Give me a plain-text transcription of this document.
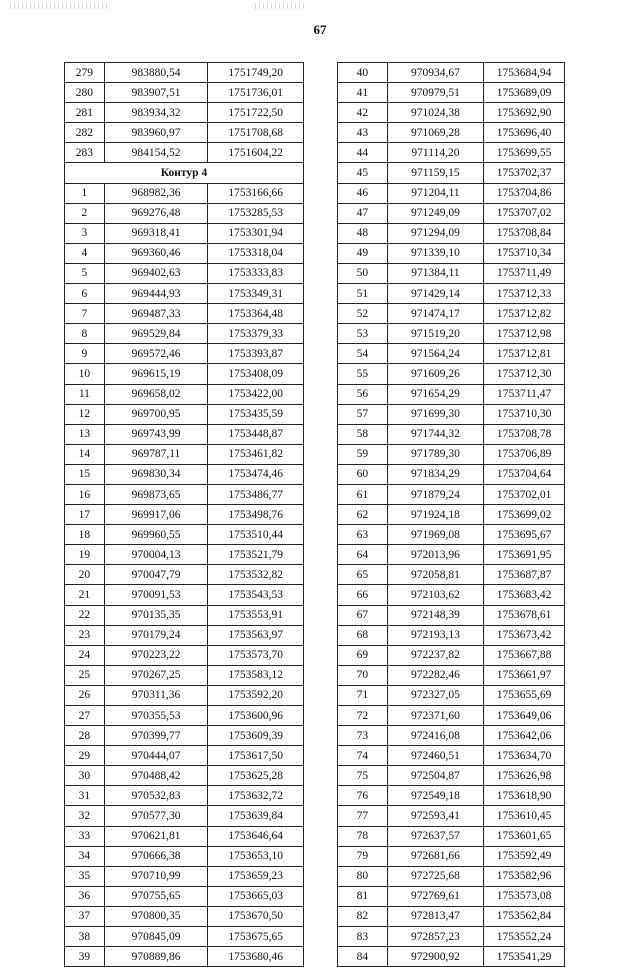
67
279	983880,54	1751749,20
280	983907,51	1751736,01
281	983934,32	1751722,50
282	983960,97	1751708,68
283	984154,52	1751604,22
Контур 4		
1	968982,36	1753166,66
2	969276,48	1753285,53
3	969318,41	1753301,94
4	969360,46	1753318,04
5	969402,63	1753333,83
6	969444,93	1753349,31
7	969487,33	1753364,48
8	969529,84	1753379,33
9	969572,46	1753393,87
10	969615,19	1753408,09
11	969658,02	1753422,00
12	969700,95	1753435,59
13	969743,99	1753448,87
14	969787,11	1753461,82
15	969830,34	1753474,46
16	969873,65	1753486,77
17	969917,06	1753498,76
18	969960,55	1753510,44
19	970004,13	1753521,79
20	970047,79	1753532,82
21	970091,53	1753543,53
22	970135,35	1753553,91
23	970179,24	1753563,97
24	970223,22	1753573,70
25	970267,25	1753583,12
26	970311,36	1753592,20
27	970355,53	1753600,96
28	970399,77	1753609,39
29	970444,07	1753617,50
30	970488,42	1753625,28
31	970532,83	1753632,72
32	970577,30	1753639,84
33	970621,81	1753646,64
34	970666,38	1753653,10
35	970710,99	1753659,23
36	970755,65	1753665,03
37	970800,35	1753670,50
38	970845,09	1753675,65
39	970889,86	1753680,46
40	970934,67	1753684,94
41	970979,51	1753689,09
42	971024,38	1753692,90
43	971069,28	1753696,40
44	971114,20	1753699,55
45	971159,15	1753702,37
46	971204,11	1753704,86
47	971249,09	1753707,02
48	971294,09	1753708,84
49	971339,10	1753710,34
50	971384,11	1753711,49
51	971429,14	1753712,33
52	971474,17	1753712,82
53	971519,20	1753712,98
54	971564,24	1753712,81
55	971609,26	1753712,30
56	971654,29	1753711,47
57	971699,30	1753710,30
58	971744,32	1753708,78
59	971789,30	1753706,89
60	971834,29	1753704,64
61	971879,24	1753702,01
62	971924,18	1753699,02
63	971969,08	1753695,67
64	972013,96	1753691,95
65	972058,81	1753687,87
66	972103,62	1753683,42
67	972148,39	1753678,61
68	972193,13	1753673,42
69	972237,82	1753667,88
70	972282,46	1753661,97
71	972327,05	1753655,69
72	972371,60	1753649,06
73	972416,08	1753642,06
74	972460,51	1753634,70
75	972504,87	1753626,98
76	972549,18	1753618,90
77	972593,41	1753610,45
78	972637,57	1753601,65
79	972681,66	1753592,49
80	972725,68	1753582,96
81	972769,61	1753573,08
82	972813,47	1753562,84
83	972857,23	1753552,24
84	972900,92	1753541,29
